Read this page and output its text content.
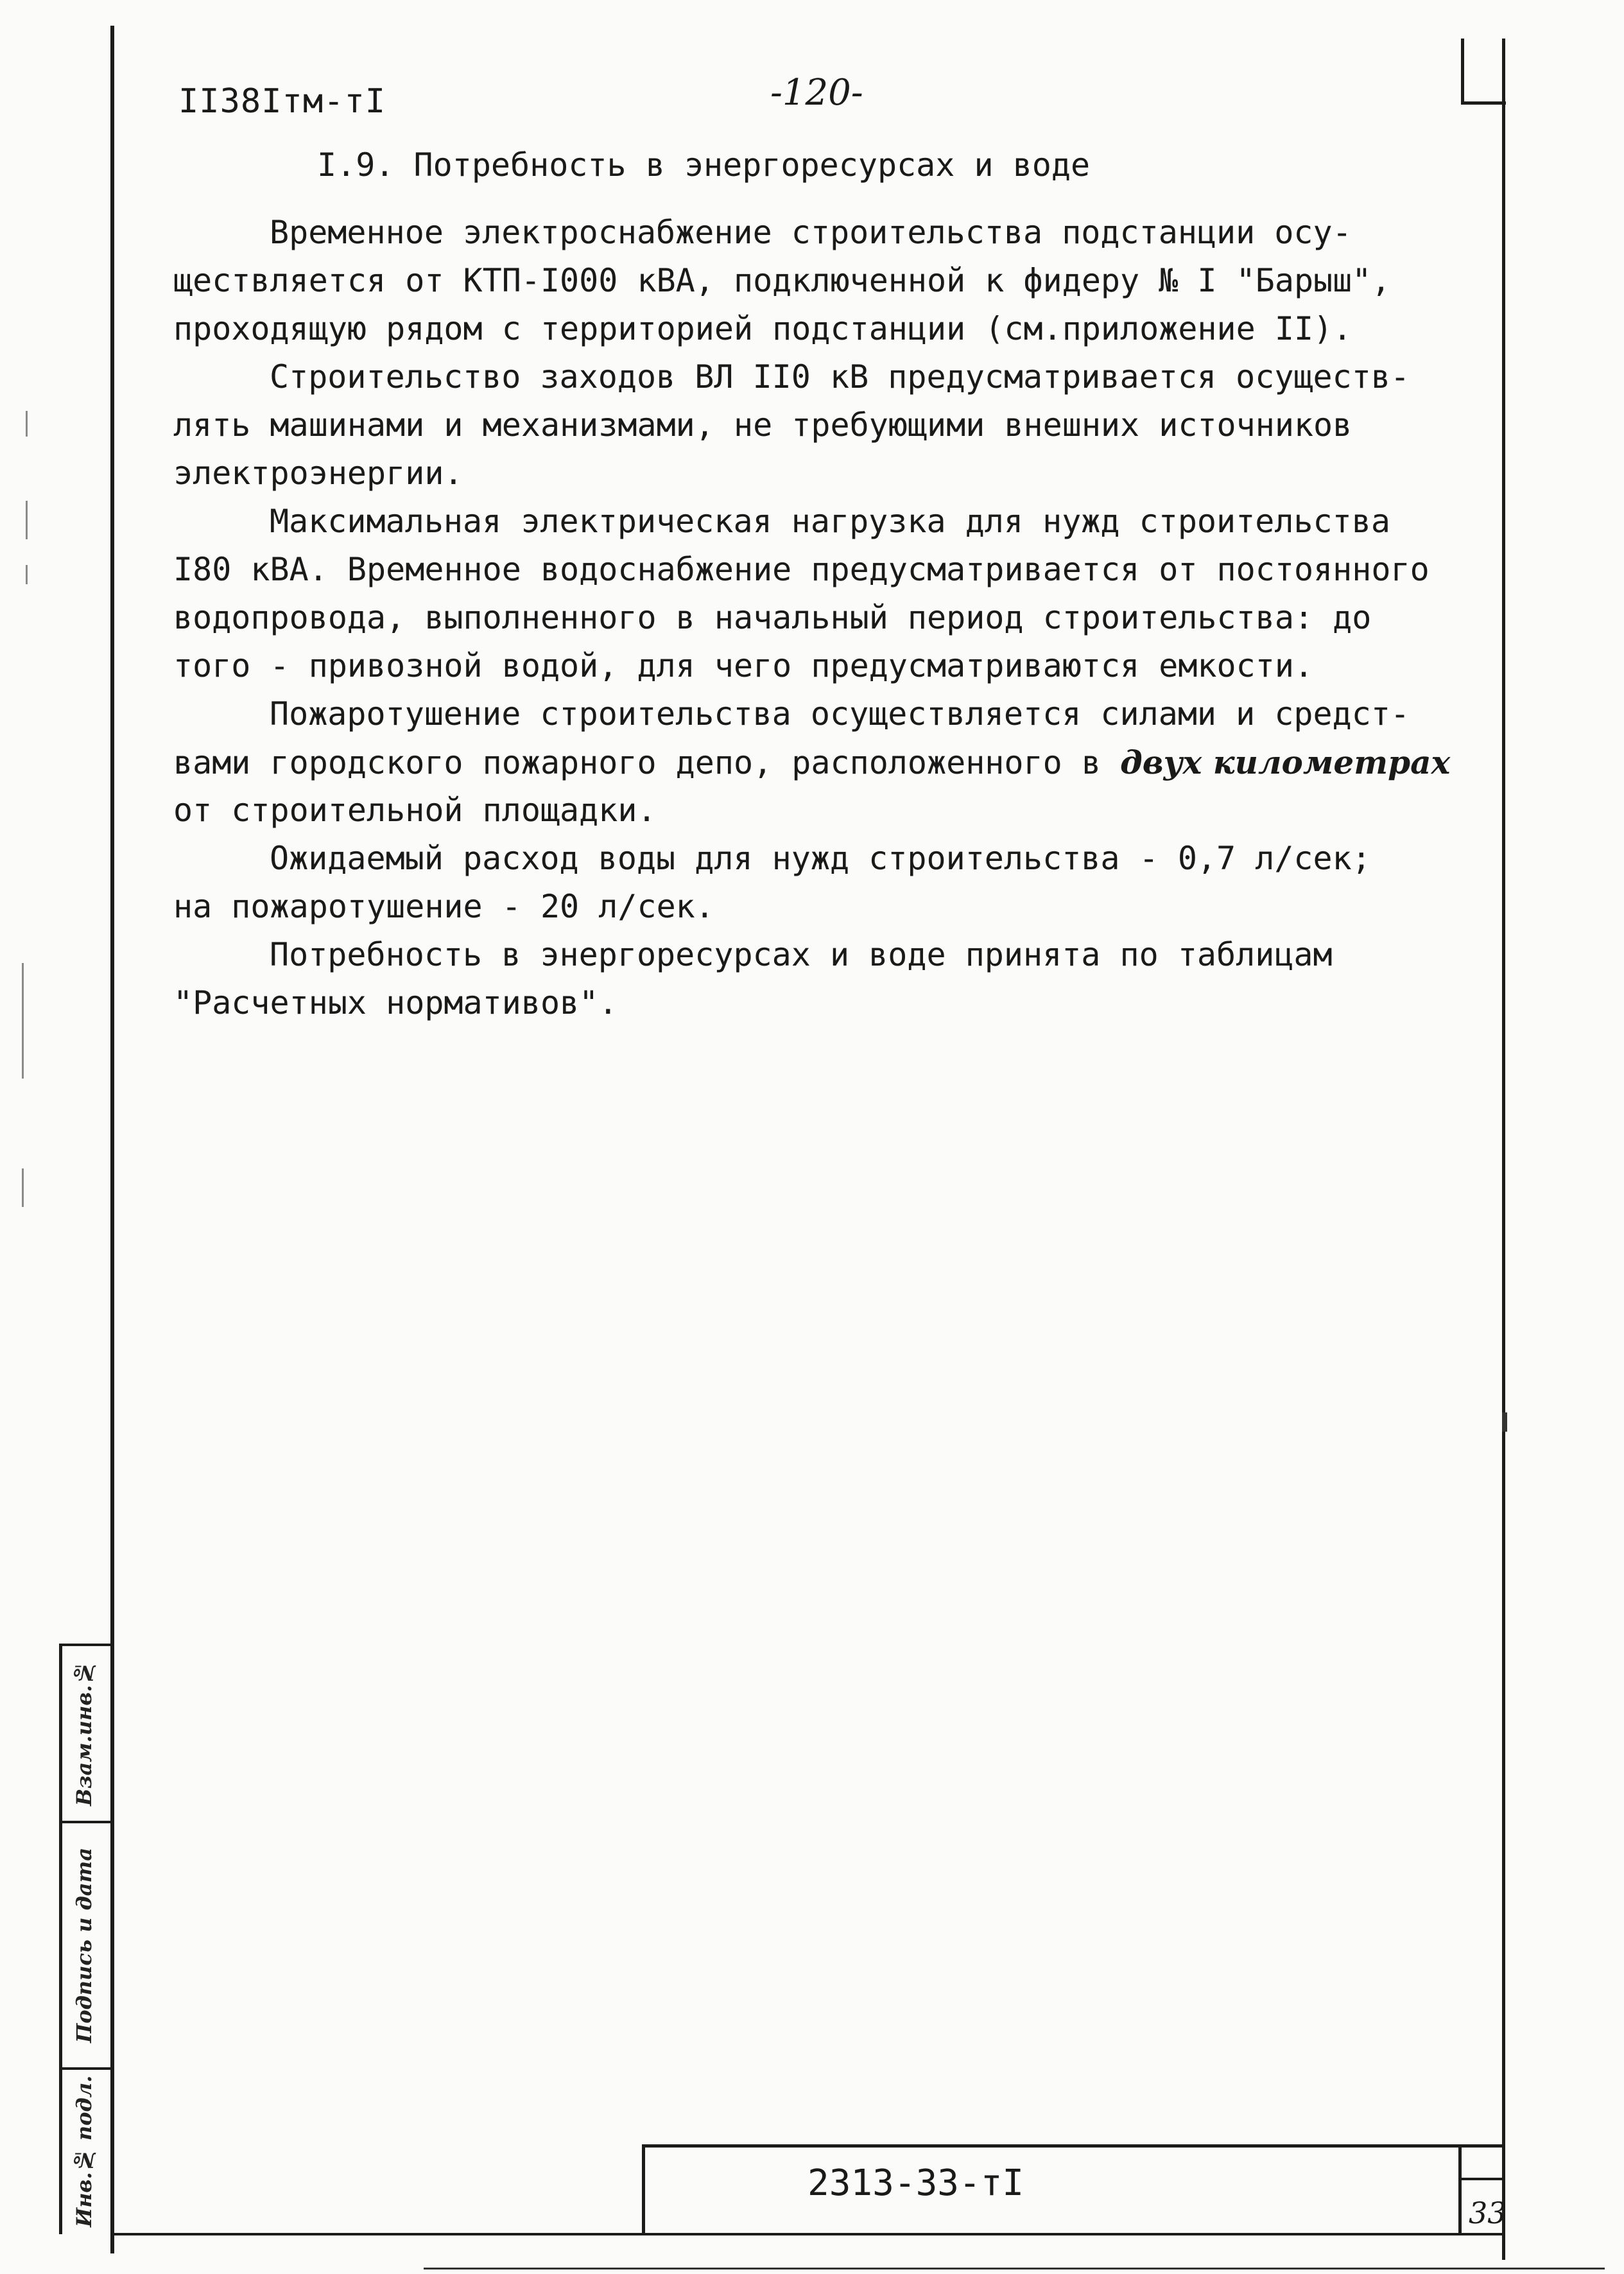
II38Iтм-тI	-120-
I.9. Потребность в энергоресурсах и воде
Временное электроснабжение строительства подстанции осу-
ществляется от КТП-I000 кВА, подключенной к фидеру № I "Барыш",
проходящую рядом с территорией подстанции (см.приложение II).
Строительство заходов ВЛ II0 кВ предусматривается осуществ-
лять машинами и механизмами, не требующими внешних источников
электроэнергии.
Максимальная электрическая нагрузка для нужд строительства
I80 кВА. Временное водоснабжение предусматривается от постоянного
водопровода, выполненного в начальный период строительства: до
того - привозной водой, для чего предусматриваются емкости.
Пожаротушение строительства осуществляется силами и средст-
вами городского пожарного депо, расположенного в двух километрах
от строительной площадки.
Ожидаемый расход воды для нужд строительства - 0,7 л/сек;
на пожаротушение - 20 л/сек.
Потребность в энергоресурсах и воде принята по таблицам
"Расчетных нормативов".
2313-33-тI
33
Инв.№ подл.
Подпись и дата
Взам.инв.№
